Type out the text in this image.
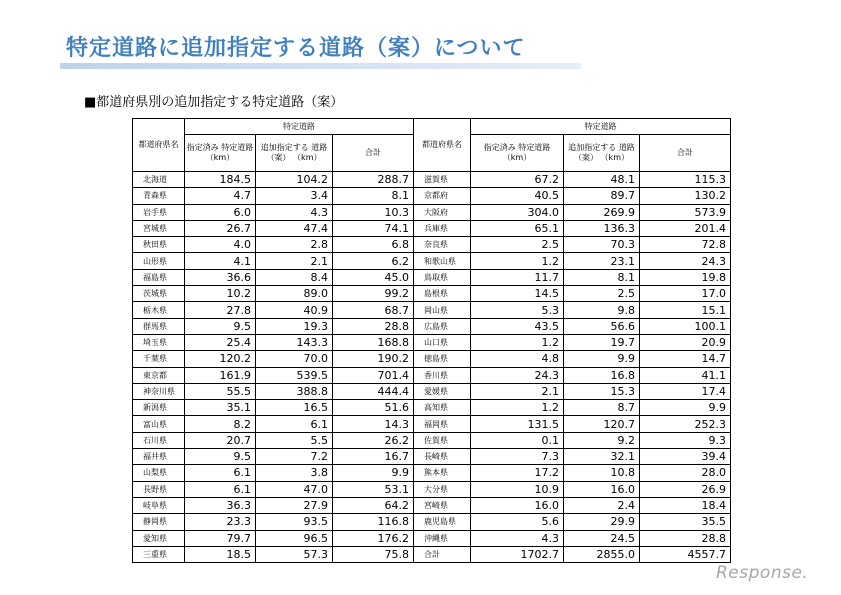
特定道路に追加指定する道路（案）について
■都道府県別の追加指定する特定道路（案）
都道府県名	特定道路			都道府県名	特定道路		
	指定済み 特定道路 （km）	追加指定する 道路（案） （km）	合計		指定済み 特定道路 （km）	追加指定する 道路（案） （km）	合計
北海道	184.5	104.2	288.7	滋賀県	67.2	48.1	115.3
青森県	4.7	3.4	8.1	京都府	40.5	89.7	130.2
岩手県	6.0	4.3	10.3	大阪府	304.0	269.9	573.9
宮城県	26.7	47.4	74.1	兵庫県	65.1	136.3	201.4
秋田県	4.0	2.8	6.8	奈良県	2.5	70.3	72.8
山形県	4.1	2.1	6.2	和歌山県	1.2	23.1	24.3
福島県	36.6	8.4	45.0	鳥取県	11.7	8.1	19.8
茨城県	10.2	89.0	99.2	島根県	14.5	2.5	17.0
栃木県	27.8	40.9	68.7	岡山県	5.3	9.8	15.1
群馬県	9.5	19.3	28.8	広島県	43.5	56.6	100.1
埼玉県	25.4	143.3	168.8	山口県	1.2	19.7	20.9
千葉県	120.2	70.0	190.2	徳島県	4.8	9.9	14.7
東京都	161.9	539.5	701.4	香川県	24.3	16.8	41.1
神奈川県	55.5	388.8	444.4	愛媛県	2.1	15.3	17.4
新潟県	35.1	16.5	51.6	高知県	1.2	8.7	9.9
富山県	8.2	6.1	14.3	福岡県	131.5	120.7	252.3
石川県	20.7	5.5	26.2	佐賀県	0.1	9.2	9.3
福井県	9.5	7.2	16.7	長崎県	7.3	32.1	39.4
山梨県	6.1	3.8	9.9	熊本県	17.2	10.8	28.0
長野県	6.1	47.0	53.1	大分県	10.9	16.0	26.9
岐阜県	36.3	27.9	64.2	宮崎県	16.0	2.4	18.4
静岡県	23.3	93.5	116.8	鹿児島県	5.6	29.9	35.5
愛知県	79.7	96.5	176.2	沖縄県	4.3	24.5	28.8
三重県	18.5	57.3	75.8	合計	1702.7	2855.0	4557.7
Response.
